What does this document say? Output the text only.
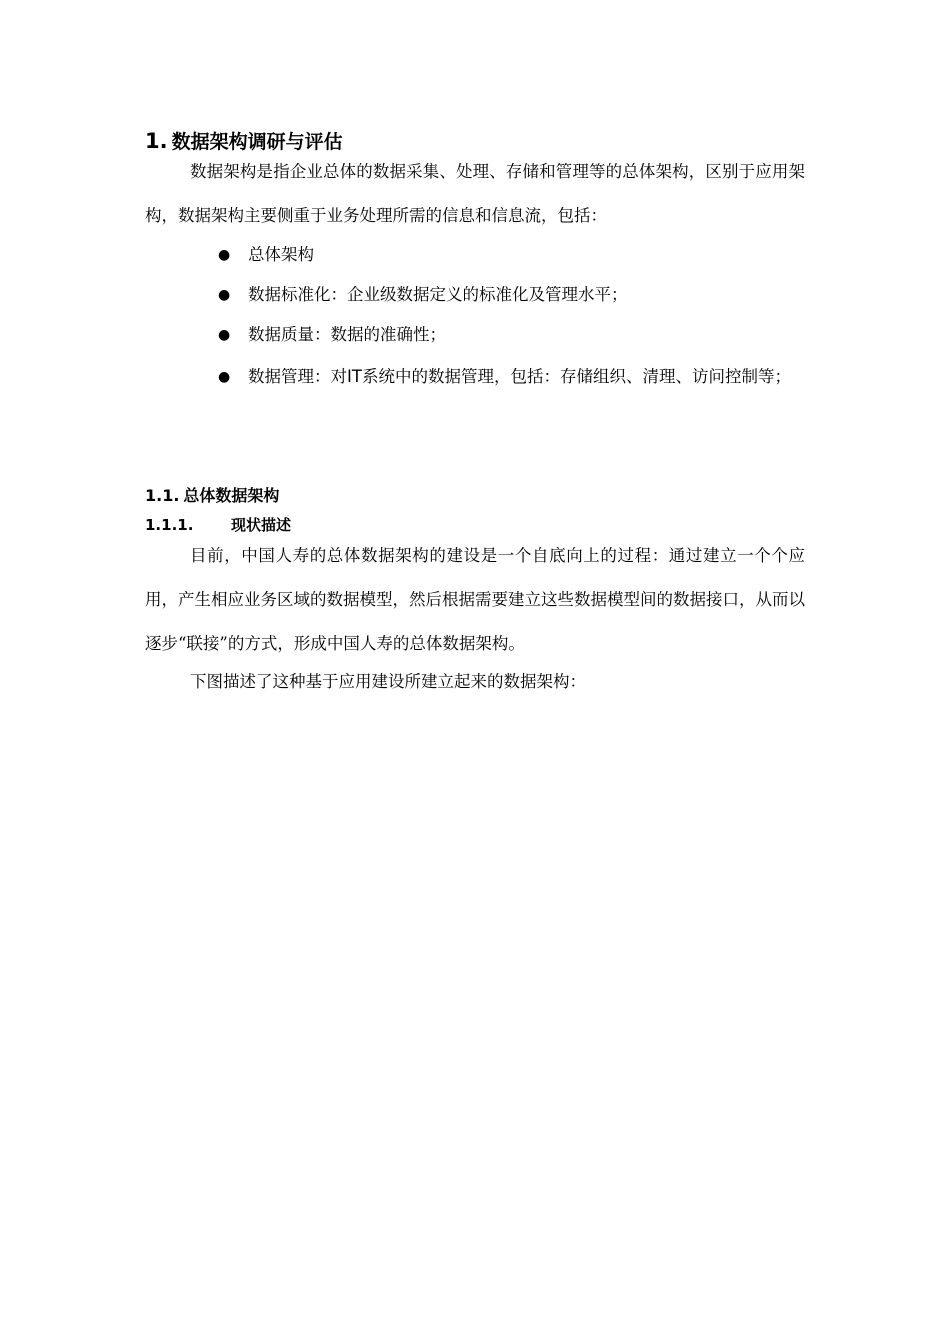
1. 数据架构调研与评估

数据架构是指企业总体的数据采集、处理、存储和管理等的总体架构，区别于应用架构，数据架构主要侧重于业务处理所需的信息和信息流，包括：

● 总体架构
● 数据标准化：企业级数据定义的标准化及管理水平；
● 数据质量：数据的准确性；
● 数据管理：对IT系统中的数据管理，包括：存储组织、清理、访问控制等；
1.1. 总体数据架构
1.1.1.	现状描述

目前，中国人寿的总体数据架构的建设是一个自底向上的过程：通过建立一个个应用，产生相应业务区域的数据模型，然后根据需要建立这些数据模型间的数据接口，从而以逐步“联接”的方式，形成中国人寿的总体数据架构。

下图描述了这种基于应用建设所建立起来的数据架构：
